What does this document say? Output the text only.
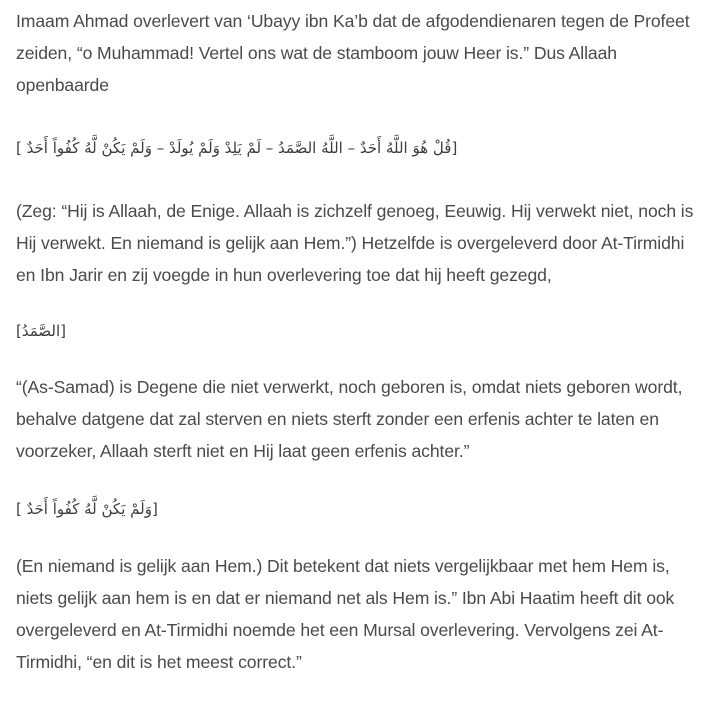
Imaam Ahmad overlevert van ‘Ubayy ibn Ka’b dat de afgodendienaren tegen de Profeet zeiden, “o Muhammad! Vertel ons wat de stamboom jouw Heer is.” Dus Allaah openbaarde

[قُلْ هُوَ اللَّهُ أَحَدٌ – اللَّهُ الصَّمَدُ – لَمْ يَلِدْ وَلَمْ يُولَدْ – وَلَمْ يَكُنْ لَّهُ كُفُواً أَحَدٌ ]

(Zeg: “Hij is Allaah, de Enige. Allaah is zichzelf genoeg, Eeuwig. Hij verwekt niet, noch is Hij verwekt. En niemand is gelijk aan Hem.”) Hetzelfde is overgeleverd door At-Tirmidhi en Ibn Jarir en zij voegde in hun overlevering toe dat hij heeft gezegd,

[الصَّمَدُ]

“(As-Samad) is Degene die niet verwerkt, noch geboren is, omdat niets geboren wordt, behalve datgene dat zal sterven en niets sterft zonder een erfenis achter te laten en voorzeker, Allaah sterft niet en Hij laat geen erfenis achter.”

[وَلَمْ يَكُنْ لَّهُ كُفُواً أَحَدٌ ]

(En niemand is gelijk aan Hem.) Dit betekent dat niets vergelijkbaar met hem Hem is, niets gelijk aan hem is en dat er niemand net als Hem is.” Ibn Abi Haatim heeft dit ook overgeleverd en At-Tirmidhi noemde het een Mursal overlevering. Vervolgens zei At-Tirmidhi, “en dit is het meest correct.”
